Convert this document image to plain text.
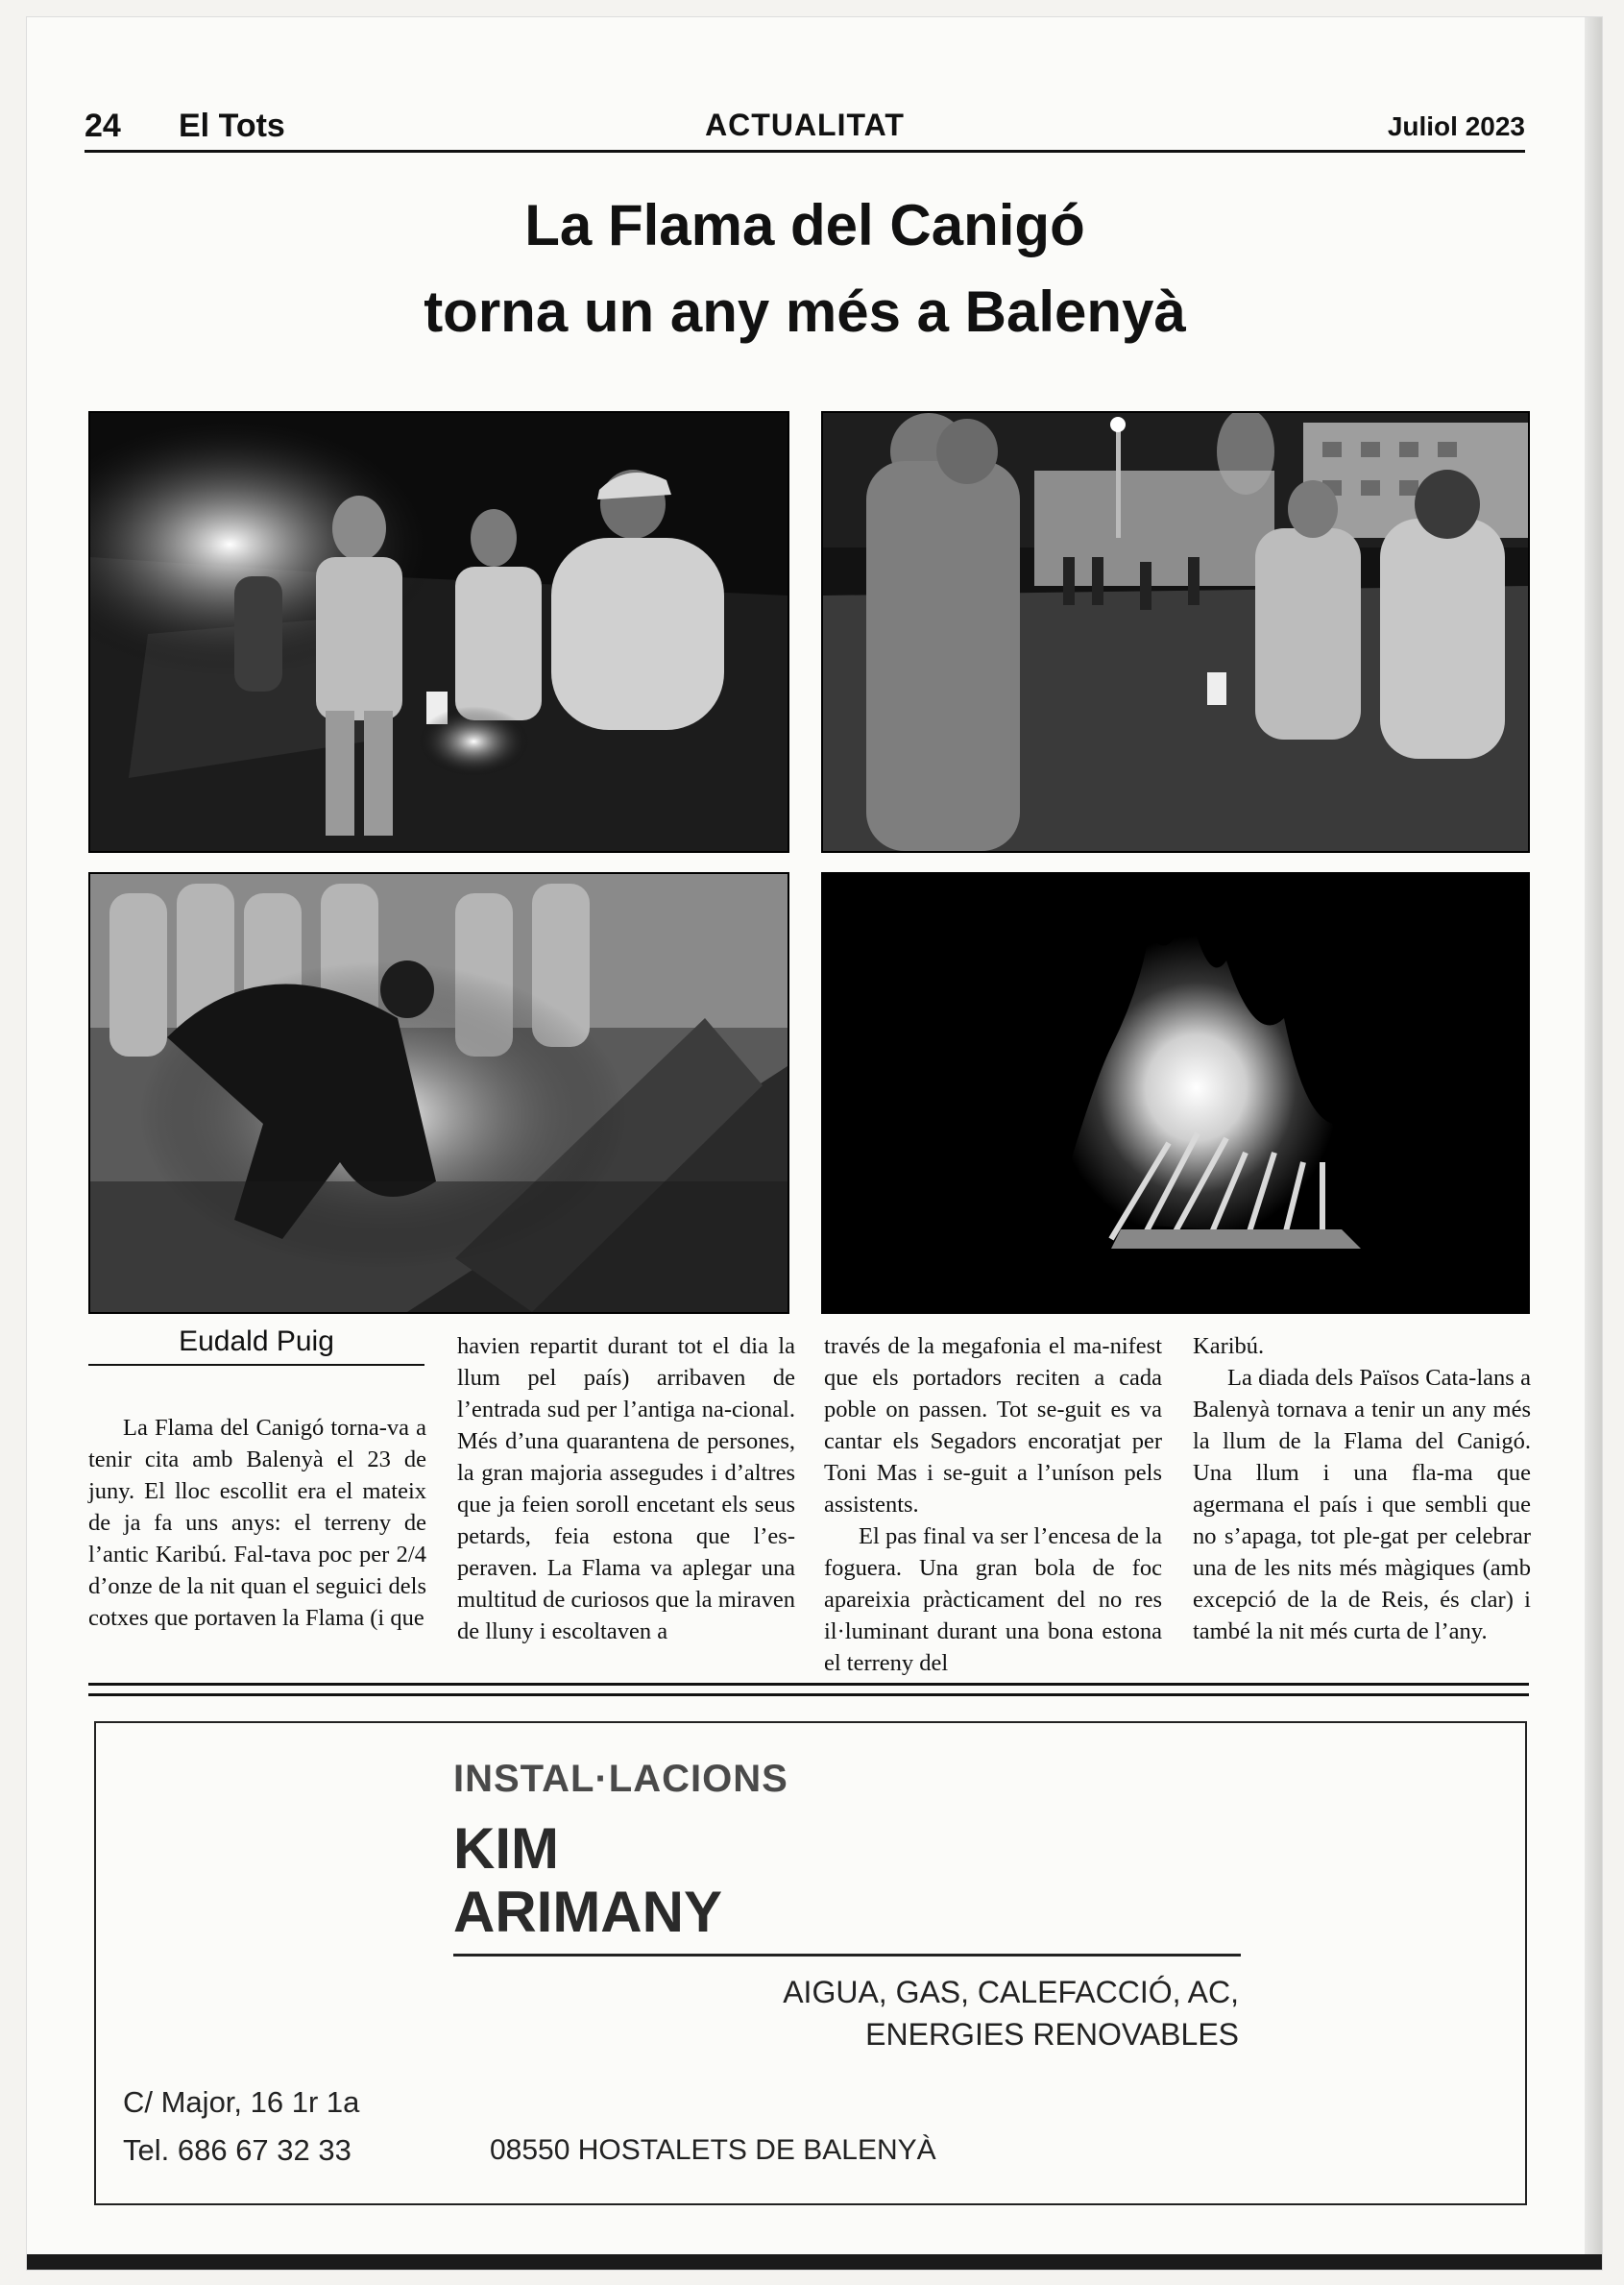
24 El Tots	ACTUALITAT	Juliol 2023
La Flama del Canigó
torna un any més a Balenyà
Eudald Puig

La Flama del Canigó torna-va a tenir cita amb Balenyà el 23 de juny. El lloc escollit era el mateix de ja fa uns anys: el terreny de l’antic Karibú. Fal-tava poc per 2/4 d’onze de la nit quan el seguici dels cotxes que portaven la Flama (i que

havien repartit durant tot el dia la llum pel país) arribaven de l’entrada sud per l’antiga na-cional. Més d’una quarantena de persones, la gran majoria assegudes i d’altres que ja feien soroll encetant els seus petards, feia estona que l’es-peraven. La Flama va aplegar una multitud de curiosos que la miraven de lluny i escoltaven a

través de la megafonia el ma-nifest que els portadors reciten a cada poble on passen. Tot se-guit es va cantar els Segadors encoratjat per Toni Mas i se-guit a l’uníson pels assistents.

El pas final va ser l’encesa de la foguera. Una gran bola de foc apareixia pràcticament del no res il·luminant durant una bona estona el terreny del

Karibú.

La diada dels Països Cata-lans a Balenyà tornava a tenir un any més la llum de la Flama del Canigó. Una llum i una fla-ma que agermana el país i que sembli que no s’apaga, tot ple-gat per celebrar una de les nits més màgiques (amb excepció de la de Reis, és clar) i també la nit més curta de l’any.

INSTAL·LACIONS
KIM
ARIMANY
AIGUA, GAS, CALEFACCIÓ, AC,
ENERGIES RENOVABLES
C/ Major, 16 1r 1a
Tel. 686 67 32 33	08550 HOSTALETS DE BALENYÀ
